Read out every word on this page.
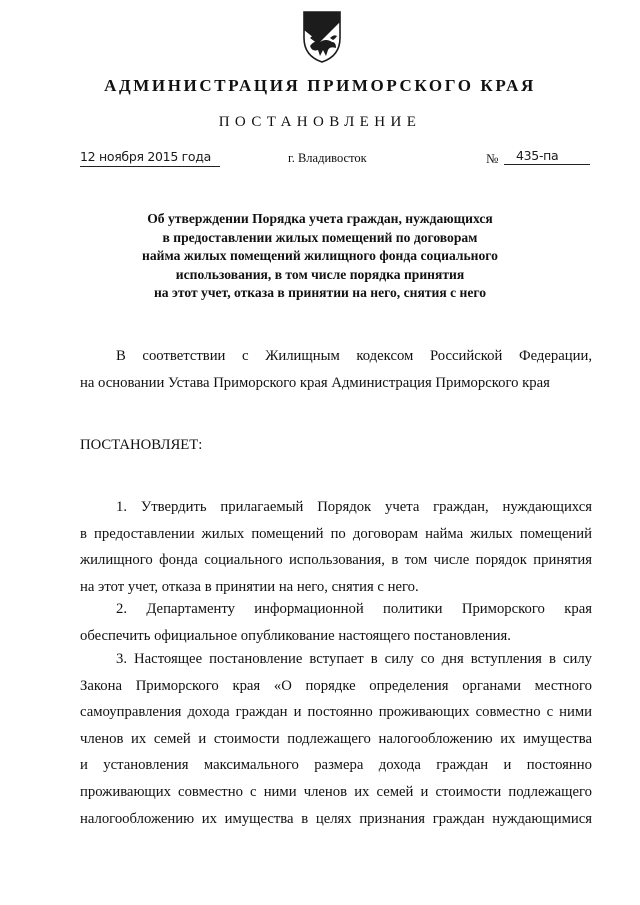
АДМИНИСТРАЦИЯ ПРИМОРСКОГО КРАЯ
ПОСТАНОВЛЕНИЕ
12 ноября 2015 года	г. Владивосток	№	435-па
Об утверждении Порядка учета граждан, нуждающихся
в предоставлении жилых помещений по договорам
найма жилых помещений жилищного фонда социального
использования, в том числе порядка принятия
на этот учет, отказа в принятии на него, снятия с него
В соответствии с Жилищным кодексом Российской Федерации,
на основании Устава Приморского края Администрация Приморского края
ПОСТАНОВЛЯЕТ:
1. Утвердить прилагаемый Порядок учета граждан, нуждающихся
в предоставлении жилых помещений по договорам найма жилых помещений
жилищного фонда социального использования, в том числе порядок принятия
на этот учет, отказа в принятии на него, снятия с него.
2. Департаменту информационной политики Приморского края
обеспечить официальное опубликование настоящего постановления.
3. Настоящее постановление вступает в силу со дня вступления в силу
Закона Приморского края «О порядке определения органами местного
самоуправления дохода граждан и постоянно проживающих совместно с ними
членов их семей и стоимости подлежащего налогообложению их имущества
и установления максимального размера дохода граждан и постоянно
проживающих совместно с ними членов их семей и стоимости подлежащего
налогообложению их имущества в целях признания граждан нуждающимися
